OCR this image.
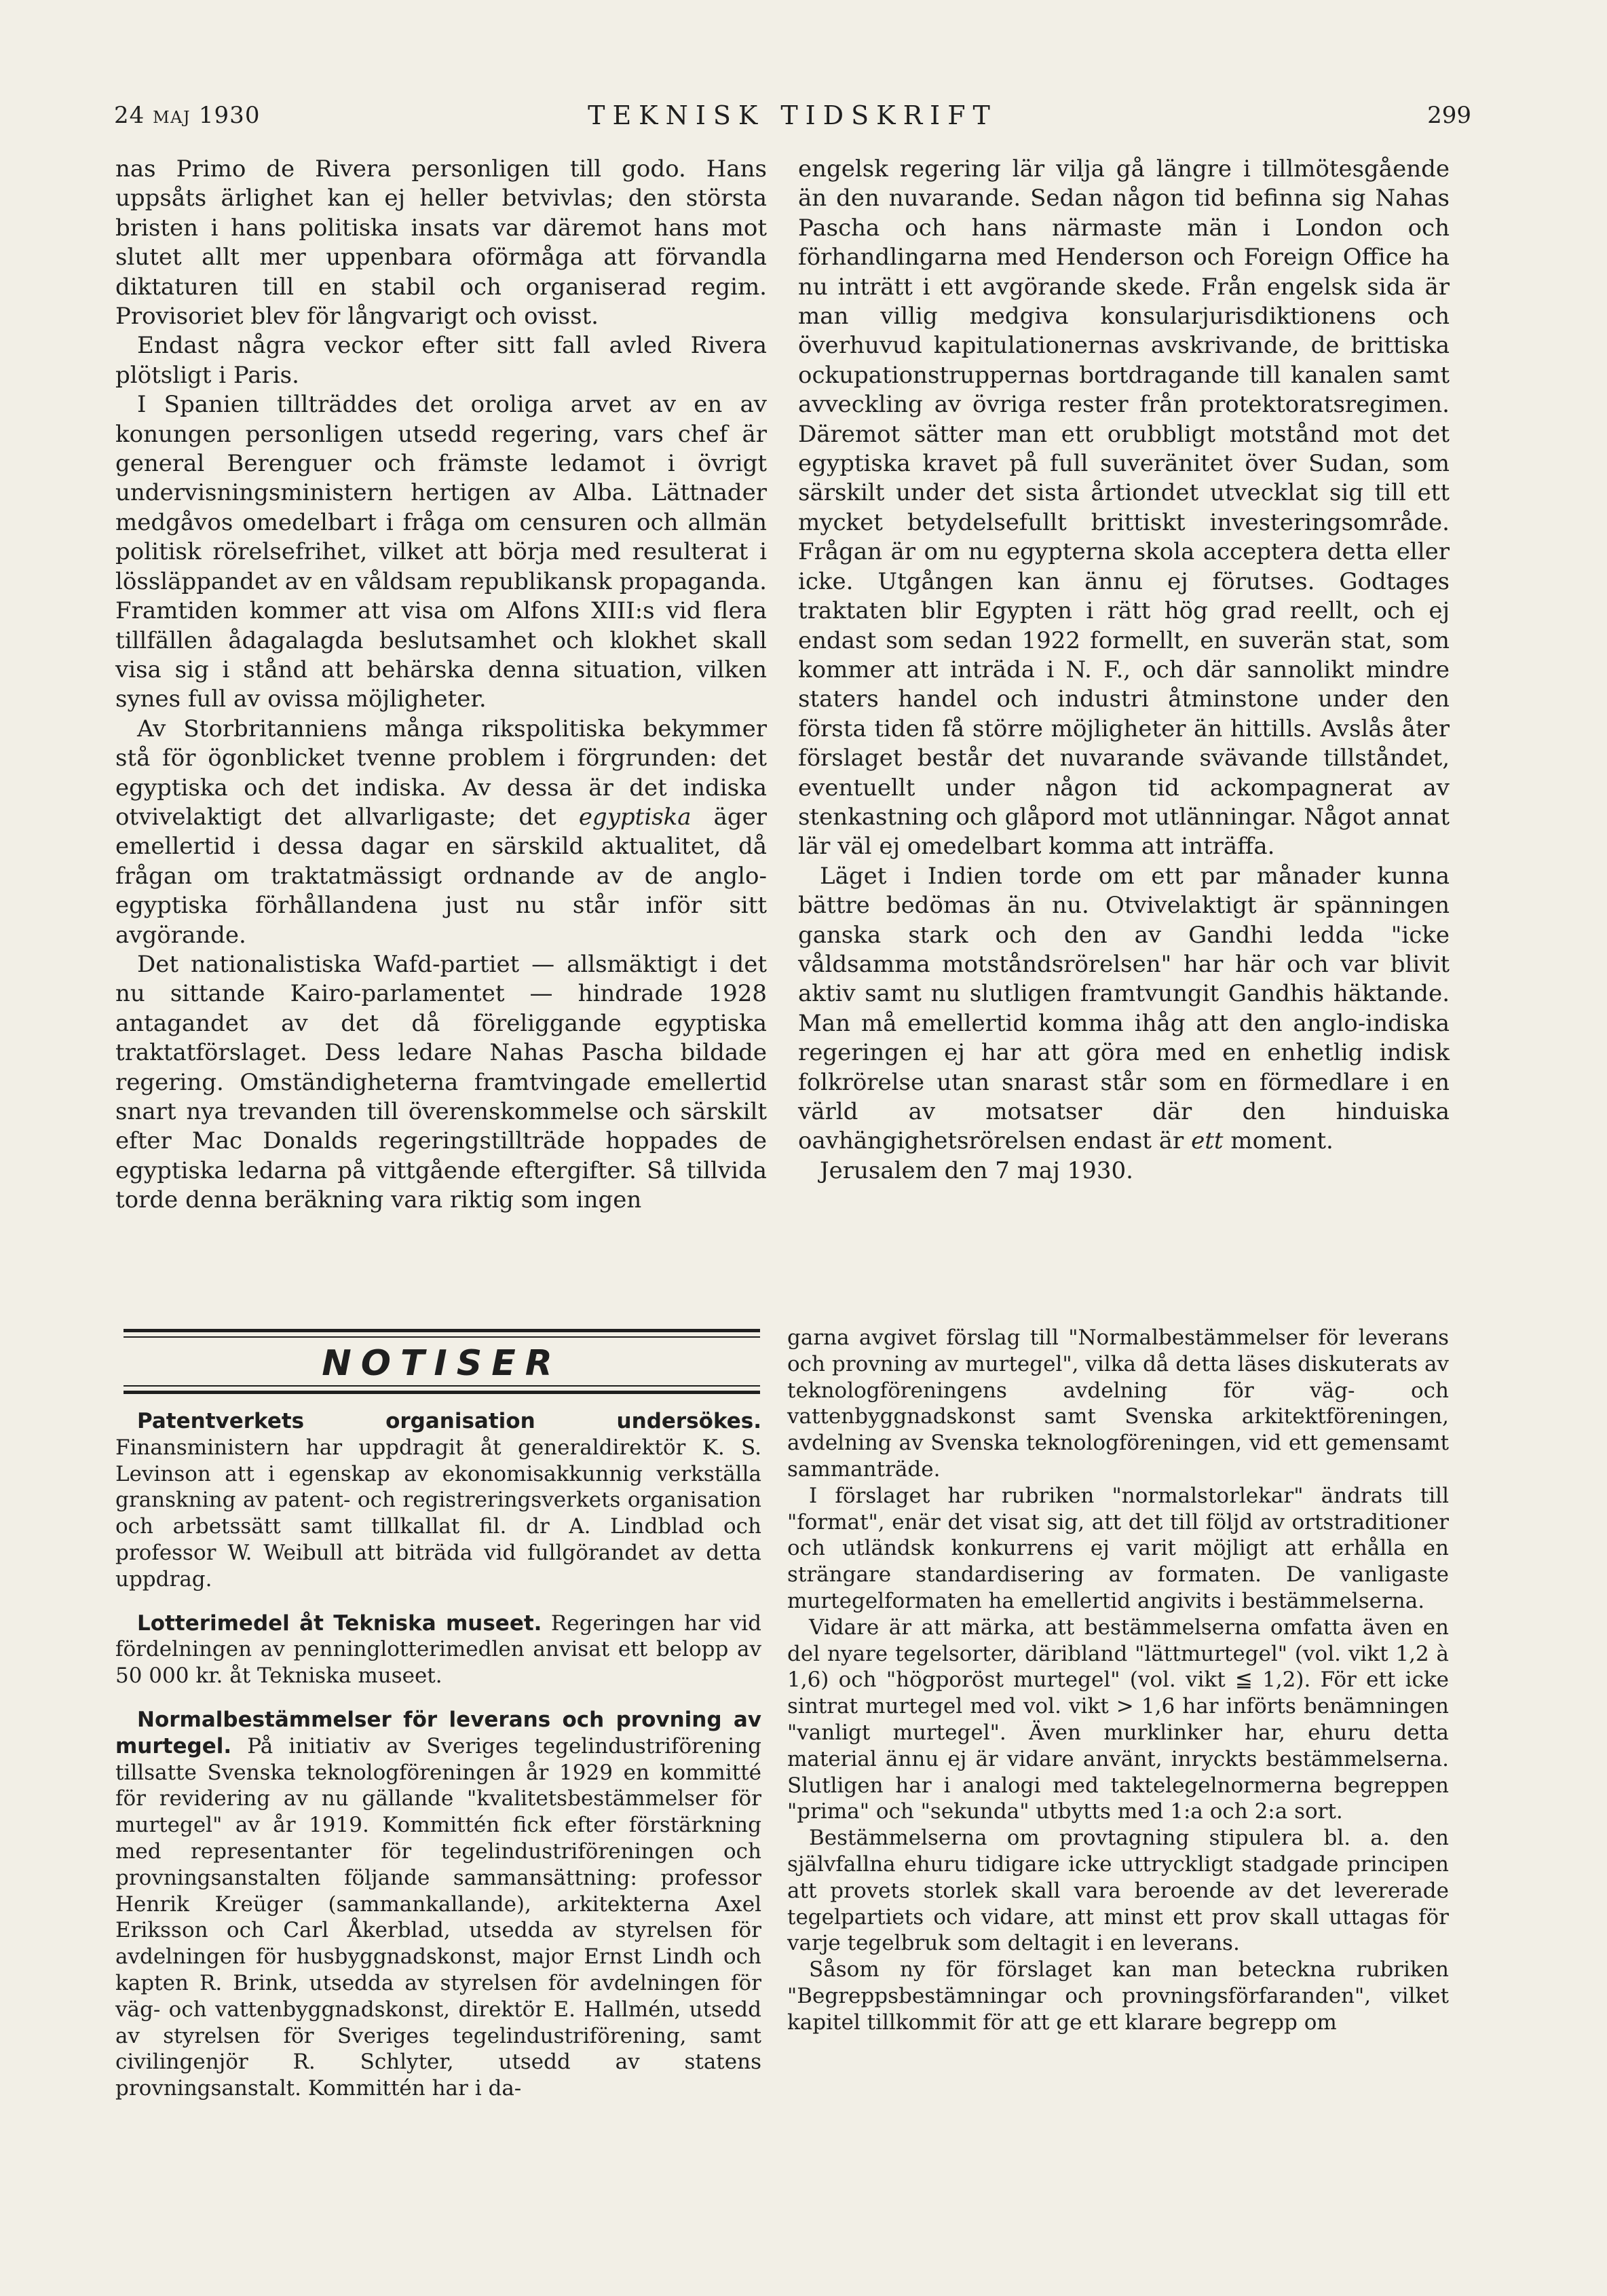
24 MAJ 1930	TEKNISK TIDSKRIFT	299

nas Primo de Rivera personligen till godo. Hans uppsåts ärlighet kan ej heller betvivlas; den största bristen i hans politiska insats var däremot hans mot slutet allt mer uppenbara oförmåga att förvandla diktaturen till en stabil och organiserad regim. Provisoriet blev för långvarigt och ovisst.

Endast några veckor efter sitt fall avled Rivera plötsligt i Paris.

I Spanien tillträddes det oroliga arvet av en av konungen personligen utsedd regering, vars chef är general Berenguer och främste ledamot i övrigt undervisningsministern hertigen av Alba. Lättnader medgåvos omedelbart i fråga om censuren och allmän politisk rörelsefrihet, vilket att börja med resulterat i lössläppandet av en våldsam republikansk propaganda. Framtiden kommer att visa om Alfons XIII:s vid flera tillfällen ådagalagda beslutsamhet och klokhet skall visa sig i stånd att behärska denna situation, vilken synes full av ovissa möjligheter.

Av Storbritanniens många rikspolitiska bekymmer stå för ögonblicket tvenne problem i förgrunden: det egyptiska och det indiska. Av dessa är det indiska otvivelaktigt det allvarligaste; det egyptiska äger emellertid i dessa dagar en särskild aktualitet, då frågan om traktatmässigt ordnande av de anglo-egyptiska förhållandena just nu står inför sitt avgörande.

Det nationalistiska Wafd-partiet — allsmäktigt i det nu sittande Kairo-parlamentet — hindrade 1928 antagandet av det då föreliggande egyptiska traktatförslaget. Dess ledare Nahas Pascha bildade regering. Omständigheterna framtvingade emellertid snart nya trevanden till överenskommelse och särskilt efter Mac Donalds regeringstillträde hoppades de egyptiska ledarna på vittgående eftergifter. Så tillvida torde denna beräkning vara riktig som ingen

engelsk regering lär vilja gå längre i tillmötesgående än den nuvarande. Sedan någon tid befinna sig Nahas Pascha och hans närmaste män i London och förhandlingarna med Henderson och Foreign Office ha nu inträtt i ett avgörande skede. Från engelsk sida är man villig medgiva konsularjurisdiktionens och överhuvud kapitulationernas avskrivande, de brittiska ockupationstruppernas bortdragande till kanalen samt avveckling av övriga rester från protektoratsregimen. Däremot sätter man ett orubbligt motstånd mot det egyptiska kravet på full suveränitet över Sudan, som särskilt under det sista årtiondet utvecklat sig till ett mycket betydelsefullt brittiskt investeringsområde. Frågan är om nu egypterna skola acceptera detta eller icke. Utgången kan ännu ej förutses. Godtages traktaten blir Egypten i rätt hög grad reellt, och ej endast som sedan 1922 formellt, en suverän stat, som kommer att inträda i N. F., och där sannolikt mindre staters handel och industri åtminstone under den första tiden få större möjligheter än hittills. Avslås åter förslaget består det nuvarande svävande tillståndet, eventuellt under någon tid ackompagnerat av stenkastning och glåpord mot utlänningar. Något annat lär väl ej omedelbart komma att inträffa.

Läget i Indien torde om ett par månader kunna bättre bedömas än nu. Otvivelaktigt är spänningen ganska stark och den av Gandhi ledda "icke våldsamma motståndsrörelsen" har här och var blivit aktiv samt nu slutligen framtvungit Gandhis häktande. Man må emellertid komma ihåg att den anglo-indiska regeringen ej har att göra med en enhetlig indisk folkrörelse utan snarast står som en förmedlare i en värld av motsatser där den hinduiska oavhängighetsrörelsen endast är ett moment.

Jerusalem den 7 maj 1930.

NOTISER

Patentverkets organisation undersökes. Finansministern har uppdragit åt generaldirektör K. S. Levinson att i egenskap av ekonomisakkunnig verkställa granskning av patent- och registreringsverkets organisation och arbetssätt samt tillkallat fil. dr A. Lindblad och professor W. Weibull att biträda vid fullgörandet av detta uppdrag.

Lotterimedel åt Tekniska museet. Regeringen har vid fördelningen av penninglotterimedlen anvisat ett belopp av 50 000 kr. åt Tekniska museet.

Normalbestämmelser för leverans och provning av murtegel. På initiativ av Sveriges tegelindustriförening tillsatte Svenska teknologföreningen år 1929 en kommitté för revidering av nu gällande "kvalitetsbestämmelser för murtegel" av år 1919. Kommittén fick efter förstärkning med representanter för tegelindustriföreningen och provningsanstalten följande sammansättning: professor Henrik Kreüger (sammankallande), arkitekterna Axel Eriksson och Carl Åkerblad, utsedda av styrelsen för avdelningen för husbyggnadskonst, major Ernst Lindh och kapten R. Brink, utsedda av styrelsen för avdelningen för väg- och vattenbyggnadskonst, direktör E. Hallmén, utsedd av styrelsen för Sveriges tegelindustriförening, samt civilingenjör R. Schlyter, utsedd av statens provningsanstalt. Kommittén har i da-

garna avgivet förslag till "Normalbestämmelser för leverans och provning av murtegel", vilka då detta läses diskuterats av teknologföreningens avdelning för väg- och vattenbyggnadskonst samt Svenska arkitektföreningen, avdelning av Svenska teknologföreningen, vid ett gemensamt sammanträde.

I förslaget har rubriken "normalstorlekar" ändrats till "format", enär det visat sig, att det till följd av ortstraditioner och utländsk konkurrens ej varit möjligt att erhålla en strängare standardisering av formaten. De vanligaste murtegelformaten ha emellertid angivits i bestämmelserna.

Vidare är att märka, att bestämmelserna omfatta även en del nyare tegelsorter, däribland "lättmurtegel" (vol. vikt 1,2 à 1,6) och "högporöst murtegel" (vol. vikt ≦ 1,2). För ett icke sintrat murtegel med vol. vikt > 1,6 har införts benämningen "vanligt murtegel". Även murklinker har, ehuru detta material ännu ej är vidare använt, inryckts bestämmelserna. Slutligen har i analogi med taktelegelnormerna begreppen "prima" och "sekunda" utbytts med 1:a och 2:a sort.

Bestämmelserna om provtagning stipulera bl. a. den självfallna ehuru tidigare icke uttryckligt stadgade principen att provets storlek skall vara beroende av det levererade tegelpartiets och vidare, att minst ett prov skall uttagas för varje tegelbruk som deltagit i en leverans.

Såsom ny för förslaget kan man beteckna rubriken "Begreppsbestämningar och provningsförfaranden", vilket kapitel tillkommit för att ge ett klarare begrepp om
